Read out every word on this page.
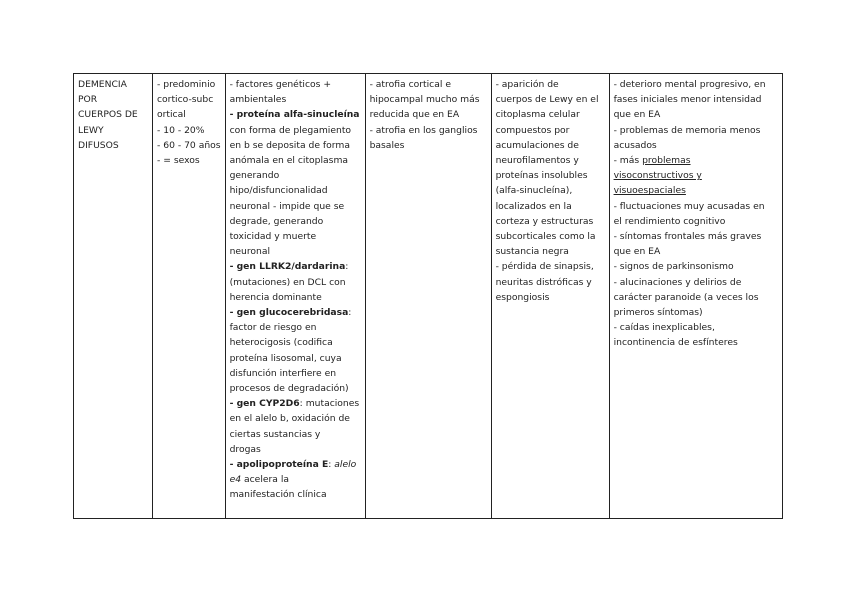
DEMENCIA
POR
CUERPOS DE
LEWY
DIFUSOS

- predominio
cortico-subc
ortical
- 10 - 20%
- 60 - 70 años
- = sexos

- factores genéticos +
ambientales
- proteína alfa-sinucleína
con forma de plegamiento
en b se deposita de forma
anómala en el citoplasma
generando
hipo/disfuncionalidad
neuronal - impide que se
degrade, generando
toxicidad y muerte
neuronal
- gen LLRK2/dardarina:
(mutaciones) en DCL con
herencia dominante
- gen glucocerebridasa:
factor de riesgo en
heterocigosis (codifica
proteína lisosomal, cuya
disfunción interfiere en
procesos de degradación)
- gen CYP2D6: mutaciones
en el alelo b, oxidación de
ciertas sustancias y
drogas
- apolipoproteína E: alelo
e4 acelera la
manifestación clínica

- atrofia cortical e
hipocampal mucho más
reducida que en EA
- atrofia en los ganglios
basales

- aparición de
cuerpos de Lewy en el
citoplasma celular
compuestos por
acumulaciones de
neurofilamentos y
proteínas insolubles
(alfa-sinucleína),
localizados en la
corteza y estructuras
subcorticales como la
sustancia negra
- pérdida de sinapsis,
neuritas distróficas y
espongiosis

- deterioro mental progresivo, en
fases iniciales menor intensidad
que en EA
- problemas de memoria menos
acusados
- más problemas
visoconstructivos y
visuoespaciales
- fluctuaciones muy acusadas en
el rendimiento cognitivo
- síntomas frontales más graves
que en EA
- signos de parkinsonismo
- alucinaciones y delirios de
carácter paranoide (a veces los
primeros síntomas)
- caídas inexplicables,
incontinencia de esfínteres
